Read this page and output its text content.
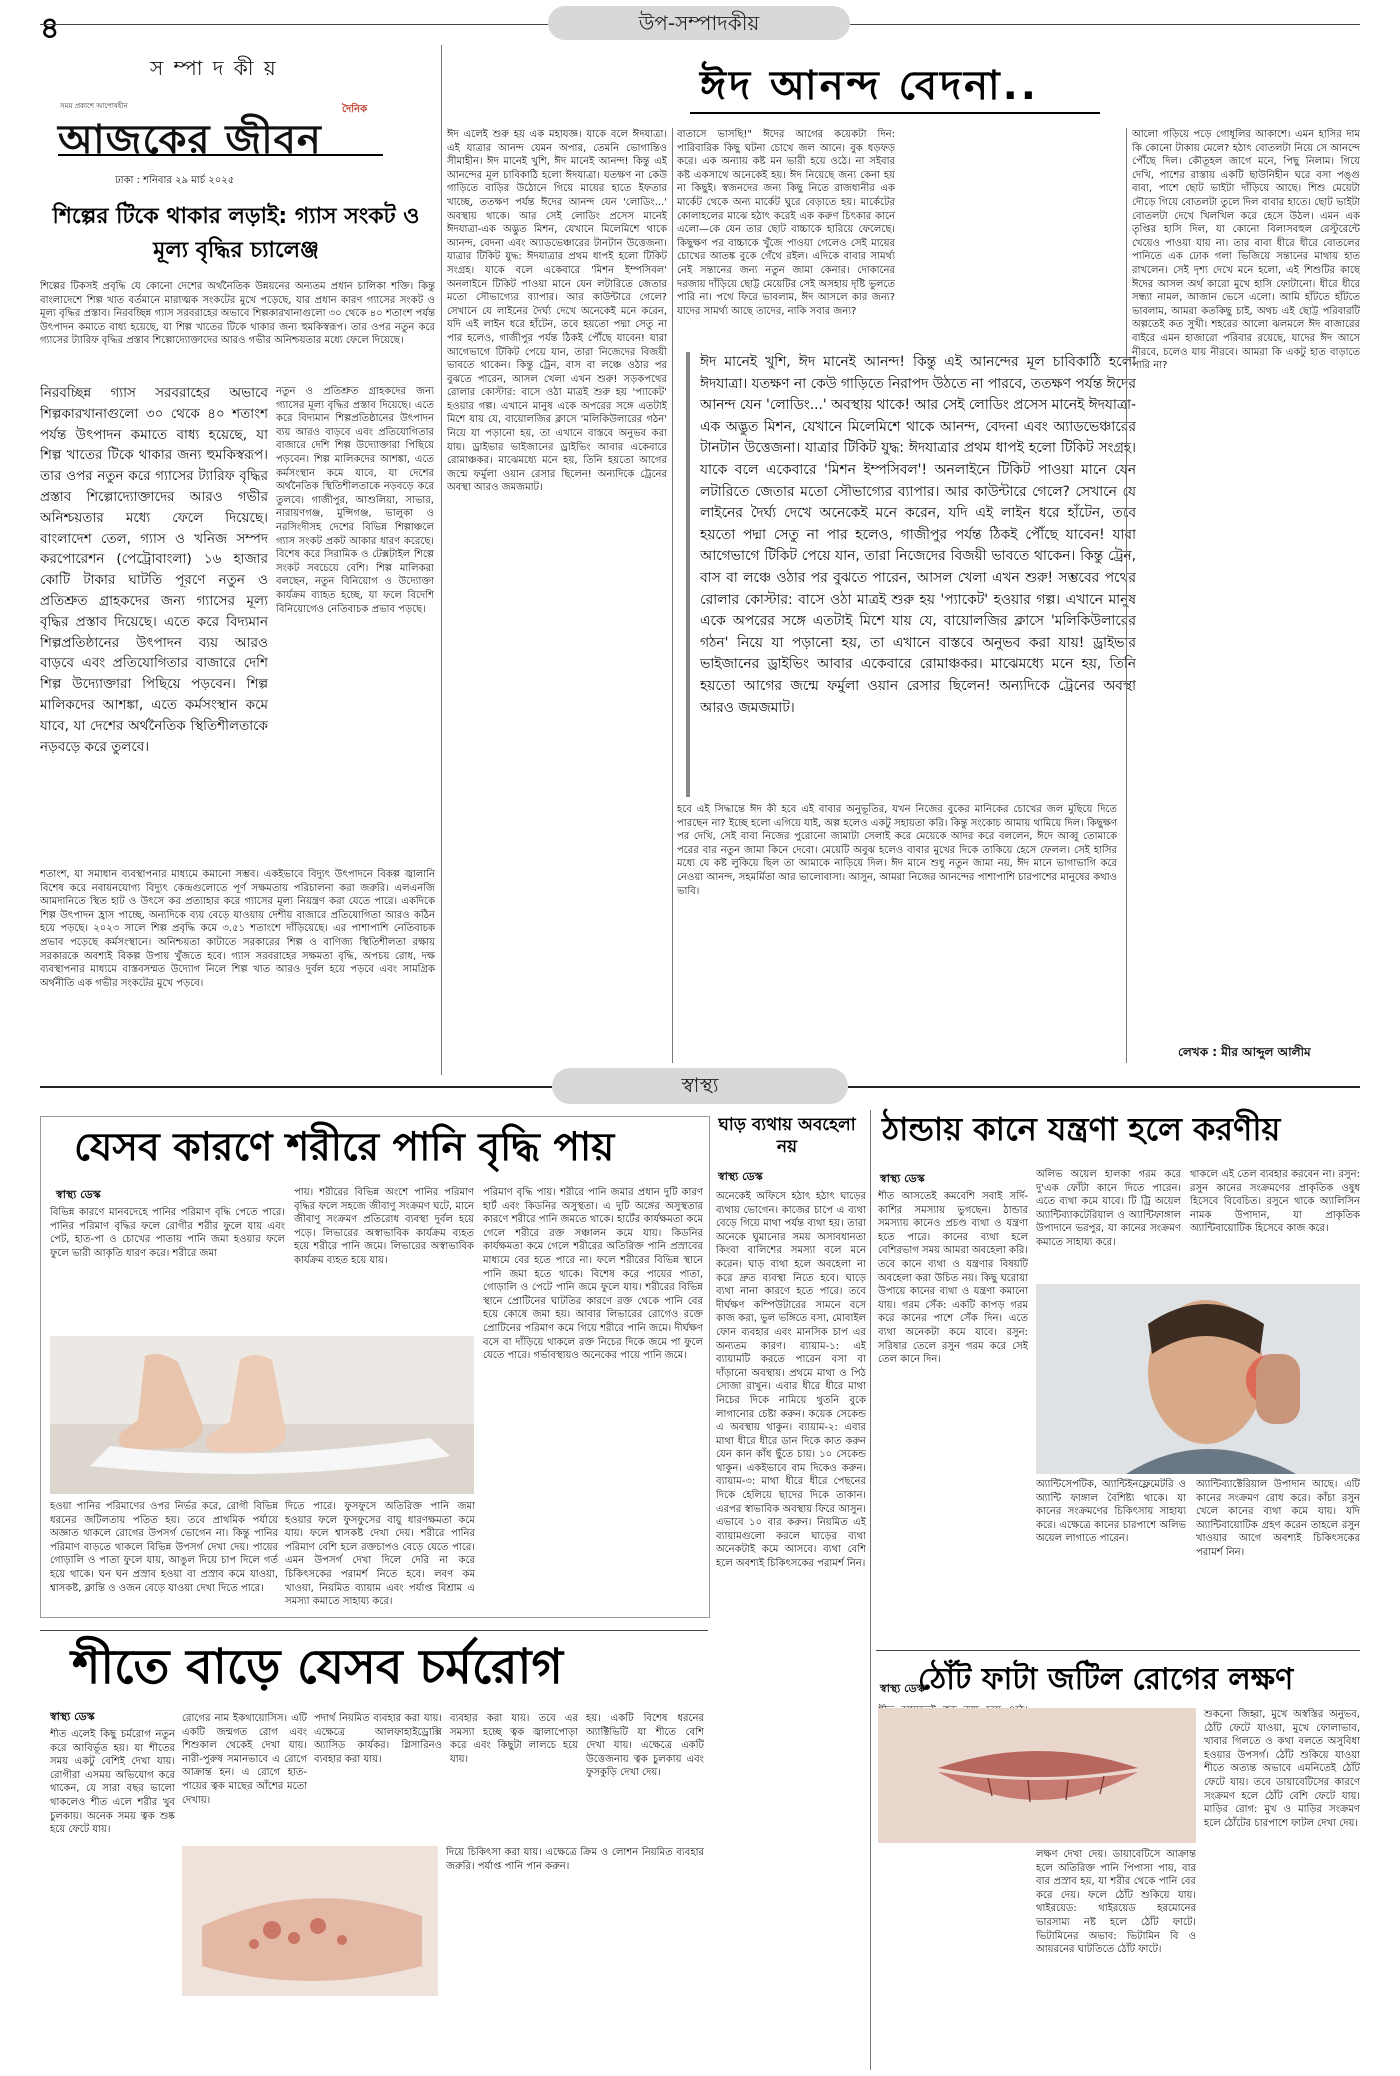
৪	উপ-সম্পাদকীয়
স ম্পা দ কী য়
সময় প্রকাশে আপোষহীন	দৈনিক
আজকের জীবন
ঢাকা : শনিবার ২৯ মার্চ ২০২৫
শিল্পের টিকে থাকার লড়াই: গ্যাস সংকট ও মূল্য বৃদ্ধির চ্যালেঞ্জ
শিল্পের টিকসই প্রবৃদ্ধি যে কোনো দেশের অর্থনৈতিক উন্নয়নের অন্যতম প্রধান চালিকা শক্তি। কিন্তু বাংলাদেশে শিল্প খাত বর্তমানে মারাত্মক সংকটের মুখে পড়েছে, যার প্রধান কারণ গ্যাসের সংকট ও মূল্য বৃদ্ধির প্রস্তাব। নিরবচ্ছিন্ন গ্যাস সরবরাহের অভাবে শিল্পকারখানাগুলো ৩০ থেকে ৪০ শতাংশ পর্যন্ত উৎপাদন কমাতে বাধ্য হয়েছে, যা শিল্প খাতের টিকে থাকার জন্য হুমকিস্বরূপ। তার ওপর নতুন করে গ্যাসের ট্যারিফ বৃদ্ধির প্রস্তাব শিল্পোদ্যোক্তাদের আরও গভীর অনিশ্চয়তার মধ্যে ফেলে দিয়েছে।
নিরবচ্ছিন্ন গ্যাস সরবরাহের অভাবে শিল্পকারখানাগুলো ৩০ থেকে ৪০ শতাংশ পর্যন্ত উৎপাদন কমাতে বাধ্য হয়েছে, যা শিল্প খাতের টিকে থাকার জন্য হুমকিস্বরূপ। তার ওপর নতুন করে গ্যাসের ট্যারিফ বৃদ্ধির প্রস্তাব শিল্পোদ্যোক্তাদের আরও গভীর অনিশ্চয়তার মধ্যে ফেলে দিয়েছে। বাংলাদেশ তেল, গ্যাস ও খনিজ সম্পদ করপোরেশন (পেট্রোবাংলা) ১৬ হাজার কোটি টাকার ঘাটতি পূরণে নতুন ও প্রতিশ্রুত গ্রাহকদের জন্য গ্যাসের মূল্য বৃদ্ধির প্রস্তাব দিয়েছে। এতে করে বিদ্যমান শিল্পপ্রতিষ্ঠানের উৎপাদন ব্যয় আরও বাড়বে এবং প্রতিযোগিতার বাজারে দেশি শিল্প উদ্যোক্তারা পিছিয়ে পড়বেন। শিল্প মালিকদের আশঙ্কা, এতে কর্মসংস্থান কমে যাবে, যা দেশের অর্থনৈতিক স্থিতিশীলতাকে নড়বড়ে করে তুলবে।
নতুন ও প্রতিশ্রুত গ্রাহকদের জন্য গ্যাসের মূল্য বৃদ্ধির প্রস্তাব দিয়েছে। এতে করে বিদ্যমান শিল্পপ্রতিষ্ঠানের উৎপাদন ব্যয় আরও বাড়বে এবং প্রতিযোগিতার বাজারে দেশি শিল্প উদ্যোক্তারা পিছিয়ে পড়বেন। শিল্প মালিকদের আশঙ্কা, এতে কর্মসংস্থান কমে যাবে, যা দেশের অর্থনৈতিক স্থিতিশীলতাকে নড়বড়ে করে তুলবে। গাজীপুর, আশুলিয়া, সাভার, নারায়ণগঞ্জ, মুন্সিগঞ্জ, ভালুকা ও নরসিংদীসহ দেশের বিভিন্ন শিল্পাঞ্চলে গ্যাস সংকট প্রকট আকার ধারণ করেছে। বিশেষ করে সিরামিক ও টেক্সটাইল শিল্পে সংকট সবচেয়ে বেশি। শিল্প মালিকরা বলছেন, নতুন বিনিয়োগ ও উদ্যোক্তা কার্যক্রম ব্যাহত হচ্ছে, যা ফলে বিদেশি বিনিয়োগেও নেতিবাচক প্রভাব পড়ছে।
শতাংশ, যা সমাধান ব্যবস্থাপনার মাধ্যমে কমানো সম্ভব। একইভাবে বিদ্যুৎ উৎপাদনে বিকল্প জ্বালানি বিশেষ করে নবায়নযোগ্য বিদ্যুৎ কেন্দ্রগুলোতে পূর্ণ সক্ষমতায় পরিচালনা করা জরুরি। এলএনজি আমদানিতে স্থিত হাট ও উৎসে কর প্রত্যাহার করে গ্যাসের মূল্য নিয়ন্ত্রণ করা যেতে পারে। একদিকে শিল্প উৎপাদন হ্রাস পাচ্ছে, অন্যদিকে ব্যয় বেড়ে যাওয়ায় দেশীয় বাজারে প্রতিযোগিতা আরও কঠিন হয়ে পড়ছে। ২০২৩ সালে শিল্প প্রবৃদ্ধি কমে ৩.৫১ শতাংশে দাঁড়িয়েছে। এর পাশাপাশি নেতিবাচক প্রভাব পড়েছে কর্মসংস্থানে। অনিশ্চয়তা কাটাতে সরকারের শিল্প ও বাণিজ্য স্থিতিশীলতা রক্ষায় সরকারকে অবশ্যই বিকল্প উপায় খুঁজতে হবে। গ্যাস সরবরাহের সক্ষমতা বৃদ্ধি, অপচয় রোধ, দক্ষ ব্যবস্থাপনার মাধ্যমে বাস্তবসম্মত উদ্যোগ নিলে শিল্প খাত আরও দুর্বল হয়ে পড়বে এবং সামগ্রিক অর্থনীতি এক গভীর সংকটের মুখে পড়বে।
ঈদ আনন্দ বেদনা..
ঈদ এলেই শুরু হয় এক মহাযজ্ঞ। যাকে বলে ঈদযাত্রা। এই যাত্রার আনন্দ যেমন অপার, তেমনি ভোগান্তিও সীমাহীন। ঈদ মানেই খুশি, ঈদ মানেই আনন্দ! কিন্তু এই আনন্দের মূল চাবিকাঠি হলো ঈদযাত্রা। যতক্ষণ না কেউ গাড়িতে বাড়ির উঠোনে গিয়ে মায়ের হাতে ইফতার খাচ্ছে, ততক্ষণ পর্যন্ত ঈদের আনন্দ যেন 'লোডিং...' অবস্থায় থাকে। আর সেই লোডিং প্রসেস মানেই ঈদযাত্রা-এক অদ্ভুত মিশন, যেখানে মিলেমিশে থাকে আনন্দ, বেদনা এবং অ্যাডভেঞ্চারের টানটান উত্তেজনা। যাত্রার টিকিট যুদ্ধ: ঈদযাত্রার প্রথম ধাপই হলো টিকিট সংগ্রহ। যাকে বলে একেবারে 'মিশন ইম্পসিবল' অনলাইনে টিকিট পাওয়া মানে যেন লটারিতে জেতার মতো সৌভাগ্যের ব্যাপার। আর কাউন্টারে গেলে? সেখানে যে লাইনের দৈর্ঘ্য দেখে অনেকেই মনে করেন, যদি এই লাইন ধরে হাঁটেন, তবে হয়তো পদ্মা সেতু না পার হলেও, গাজীপুর পর্যন্ত ঠিকই পৌঁছে যাবেন! যারা আগেভাগে টিকিট পেয়ে যান, তারা নিজেদের বিজয়ী ভাবতে থাকেন। কিন্তু ট্রেন, বাস বা লঞ্চে ওঠার পর বুঝতে পারেন, আসল খেলা এখন শুরু! সড়কপথের রোলার কোস্টার: বাসে ওঠা মাত্রই শুরু হয় 'প্যাকেট' হওয়ার গল্প। এখানে মানুষ একে অপরের সঙ্গে এতটাই মিশে যায় যে, বায়োলজির ক্লাসে 'মলিকিউলারের গঠন' নিয়ে যা পড়ানো হয়, তা এখানে বাস্তবে অনুভব করা যায়। ড্রাইভার ভাইজানের ড্রাইভিং আবার একেবারে রোমাঞ্চকর। মাঝেমধ্যে মনে হয়, তিনি হয়তো আগের জন্মে ফর্মুলা ওয়ান রেসার ছিলেন! অন্যদিকে ট্রেনের অবস্থা আরও জমজমাট।
বাতাসে ভাসছি!" ঈদের আগের কয়েকটা দিন: পারিবারিক কিছু ঘটনা চোখে জল আনে। বুক ধড়ফড় করে। এক অন্যায় কষ্ট মন ভারী হয়ে ওঠে। না সইবার কষ্ট একসাথে অনেকেই হয়। ঈদ নিয়েছে জন্য কেনা হয় না কিছুই। স্বজনদের জন্য কিছু নিতে রাজধানীর এক মার্কেট থেকে অন্য মার্কেট ঘুরে বেড়াতে হয়। মার্কেটের কোলাহলের মাঝে হঠাৎ করেই এক করুণ চিৎকার কানে এলো—কে যেন তার ছোট বাচ্চাকে হারিয়ে ফেলেছে। কিছুক্ষণ পর বাচ্চাকে খুঁজে পাওয়া গেলেও সেই মায়ের চোখের আতঙ্ক বুকে গেঁথে রইল। এদিকে বাবার সামর্থ্য নেই সন্তানের জন্য নতুন জামা কেনার। দোকানের দরজায় দাঁড়িয়ে ছোট্ট মেয়েটির সেই অসহায় দৃষ্টি ভুলতে পারি না। পথে ফিরে ভাবলাম, ঈদ আসলে কার জন্য? যাদের সামর্থ্য আছে তাদের, নাকি সবার জন্য?
ঈদ মানেই খুশি, ঈদ মানেই আনন্দ! কিন্তু এই আনন্দের মূল চাবিকাঠি হলো ঈদযাত্রা। যতক্ষণ না কেউ গাড়িতে নিরাপদ উঠতে না পারবে, ততক্ষণ পর্যন্ত ঈদের আনন্দ যেন 'লোডিং...' অবস্থায় থাকে! আর সেই লোডিং প্রসেস মানেই ঈদযাত্রা-এক অদ্ভুত মিশন, যেখানে মিলেমিশে থাকে আনন্দ, বেদনা এবং অ্যাডভেঞ্চারের টানটান উত্তেজনা। যাত্রার টিকিট যুদ্ধ: ঈদযাত্রার প্রথম ধাপই হলো টিকিট সংগ্রহ। যাকে বলে একেবারে 'মিশন ইম্পসিবল'! অনলাইনে টিকিট পাওয়া মানে যেন লটারিতে জেতার মতো সৌভাগ্যের ব্যাপার। আর কাউন্টারে গেলে? সেখানে যে লাইনের দৈর্ঘ্য দেখে অনেকেই মনে করেন, যদি এই লাইন ধরে হাঁটেন, তবে হয়তো পদ্মা সেতু না পার হলেও, গাজীপুর পর্যন্ত ঠিকই পৌঁছে যাবেন! যারা আগেভাগে টিকিট পেয়ে যান, তারা নিজেদের বিজয়ী ভাবতে থাকেন। কিন্তু ট্রেন, বাস বা লঞ্চে ওঠার পর বুঝতে পারেন, আসল খেলা এখন শুরু! সম্ভবের পথের রোলার কোস্টার: বাসে ওঠা মাত্রই শুরু হয় 'প্যাকেট' হওয়ার গল্প। এখানে মানুষ একে অপরের সঙ্গে এতটাই মিশে যায় যে, বায়োলজির ক্লাসে 'মলিকিউলারের গঠন' নিয়ে যা পড়ানো হয়, তা এখানে বাস্তবে অনুভব করা যায়! ড্রাইভার ভাইজানের ড্রাইভিং আবার একেবারে রোমাঞ্চকর। মাঝেমধ্যে মনে হয়, তিনি হয়তো আগের জন্মে ফর্মুলা ওয়ান রেসার ছিলেন! অন্যদিকে ট্রেনের অবস্থা আরও জমজমাট।
হবে এই সিদ্ধান্তে ঈদ কী হবে এই বাবার অনুভূতির, যখন নিজের বুকের মানিকের চোখের জল মুছিয়ে দিতে পারছেন না? ইচ্ছে হলো এগিয়ে যাই, অল্প হলেও একটু সহায়তা করি। কিন্তু সংকোচ আমায় থামিয়ে দিল। কিছুক্ষণ পর দেখি, সেই বাবা নিজের পুরোনো জামাটা সেলাই করে মেয়েকে আদর করে বললেন, ঈদে আব্বু তোমাকে পরের বার নতুন জামা কিনে দেবো। মেয়েটি অবুঝ হলেও বাবার মুখের দিকে তাকিয়ে হেসে ফেলল। সেই হাসির মধ্যে যে কষ্ট লুকিয়ে ছিল তা আমাকে নাড়িয়ে দিল। ঈদ মানে শুধু নতুন জামা নয়, ঈদ মানে ভাগাভাগি করে নেওয়া আনন্দ, সহমর্মিতা আর ভালোবাসা। আসুন, আমরা নিজের আনন্দের পাশাপাশি চারপাশের মানুষের কথাও ভাবি।
আলো গড়িয়ে পড়ে গোধূলির আকাশে। এমন হাসির দাম কি কোনো টাকায় মেলে? হঠাৎ বোতলটা নিয়ে সে আনন্দে পৌঁছে দিল। কৌতূহল জাগে মনে, পিছু নিলাম। গিয়ে দেখি, পাশের রাস্তায় একটি ছাউনিহীন ঘরে বসা পঙ্গু বাবা, পাশে ছোট ভাইটা দাঁড়িয়ে আছে। শিশু মেয়েটা দৌড়ে গিয়ে বোতলটা তুলে দিল বাবার হাতে। ছোট ভাইটা বোতলটা দেখে খিলখিল করে হেসে উঠল। এমন এক তৃপ্তির হাসি দিল, যা কোনো বিলাসবহুল রেস্টুরেন্টে খেয়েও পাওয়া যায় না। তার বাবা ধীরে ধীরে বোতলের পানিতে এক ঢোক গলা ভিজিয়ে সন্তানের মাথায় হাত রাখলেন। সেই দৃশ্য দেখে মনে হলো, এই শিশুটির কাছে ঈদের আসল অর্থ কারো মুখে হাসি ফোটানো। ধীরে ধীরে সন্ধ্যা নামল, আজান ভেসে এলো। আমি হাঁটতে হাঁটতে ভাবলাম, আমরা কতকিছু চাই, অথচ এই ছোট্ট পরিবারটি অল্পতেই কত সুখী। শহরের আলো ঝলমলে ঈদ বাজারের বাইরে এমন হাজারো পরিবার রয়েছে, যাদের ঈদ আসে নীরবে, চলেও যায় নীরবে। আমরা কি একটু হাত বাড়াতে পারি না?
লেখক : মীর আব্দুল আলীম
স্বাস্থ্য
যেসব কারণে শরীরে পানি বৃদ্ধি পায়
স্বাস্থ্য ডেস্ক
বিভিন্ন কারণে মানবদেহে পানির পরিমাণ বৃদ্ধি পেতে পারে। পানির পরিমাণ বৃদ্ধির ফলে রোগীর শরীর ফুলে যায় এবং পেট, হাত-পা ও চোখের পাতায় পানি জমা হওয়ার ফলে ফুলে ভারী আকৃতি ধারণ করে। শরীরে জমা
পায়। শরীরের বিভিন্ন অংশে পানির পরিমাণ বৃদ্ধির ফলে সহজে জীবাণু সংক্রমণ ঘটে, মানে জীবাণু সংক্রমণ প্রতিরোধ ব্যবস্থা দুর্বল হয়ে পড়ে। লিভারের অস্বাভাবিক কার্যক্রম ব্যহত হয়ে শরীরে পানি জমে। লিভারের অস্বাভাবিক কার্যক্রম ব্যহত হয়ে যায়।
পরিমাণ বৃদ্ধি পায়। শরীরে পানি জমার প্রধান দুটি কারণ হার্ট এবং কিডনির অসুস্থতা। এ দুটি অঙ্গের অসুস্থতার কারণে শরীরে পানি জমতে থাকে। হার্টের কার্যক্ষমতা কমে গেলে শরীরে রক্ত সঞ্চালন কমে যায়। কিডনির কার্যক্ষমতা কমে গেলে শরীরের অতিরিক্ত পানি প্রস্রাবের মাধ্যমে বের হতে পারে না। ফলে শরীরের বিভিন্ন স্থানে পানি জমা হতে থাকে। বিশেষ করে পায়ের পাতা, গোড়ালি ও পেটে পানি জমে ফুলে যায়। শরীরের বিভিন্ন স্থানে প্রোটিনের ঘাটতির কারণে রক্ত থেকে পানি বের হয়ে কোষে জমা হয়। আবার লিভারের রোগেও রক্তে প্রোটিনের পরিমাণ কমে গিয়ে শরীরে পানি জমে। দীর্ঘক্ষণ বসে বা দাঁড়িয়ে থাকলে রক্ত নিচের দিকে জমে পা ফুলে যেতে পারে। গর্ভাবস্থায়ও অনেকের পায়ে পানি জমে।
হওয়া পানির পরিমাণের ওপর নির্ভর করে, রোগী বিভিন্ন ধরনের জটিলতায় পতিত হয়। তবে প্রাথমিক পর্যায়ে অজ্ঞাত থাকলে রোগের উপসর্গ ভোগেন না। কিন্তু পানির পরিমাণ বাড়তে থাকলে বিভিন্ন উপসর্গ দেখা দেয়। পায়ের গোড়ালি ও পাতা ফুলে যায়, আঙুল দিয়ে চাপ দিলে গর্ত হয়ে থাকে। ঘন ঘন প্রস্রাব হওয়া বা প্রস্রাব কমে যাওয়া, শ্বাসকষ্ট, ক্লান্তি ও ওজন বেড়ে যাওয়া দেখা দিতে পারে।
দিতে পারে। ফুসফুসে অতিরিক্ত পানি জমা হওয়ার ফলে ফুসফুসের বায়ু ধারণক্ষমতা কমে যায়। ফলে শ্বাসকষ্ট দেখা দেয়। শরীরে পানির পরিমাণ বেশি হলে রক্তচাপও বেড়ে যেতে পারে। এমন উপসর্গ দেখা দিলে দেরি না করে চিকিৎসকের পরামর্শ নিতে হবে। লবণ কম খাওয়া, নিয়মিত ব্যায়াম এবং পর্যাপ্ত বিশ্রাম এ সমস্যা কমাতে সাহায্য করে।
ঘাড় ব্যথায় অবহেলা নয়
স্বাস্থ্য ডেস্ক
অনেকেই অফিসে হঠাৎ হঠাৎ ঘাড়ের ব্যথায় ভোগেন। কাজের চাপে এ ব্যথা বেড়ে গিয়ে মাথা পর্যন্ত ব্যথা হয়। তারা অনেকে ঘুমানোর সময় অসাবধানতা কিংবা বালিশের সমস্যা বলে মনে করেন। ঘাড় ব্যথা হলে অবহেলা না করে দ্রুত ব্যবস্থা নিতে হবে। ঘাড়ে ব্যথা নানা কারণে হতে পারে। তবে দীর্ঘক্ষণ কম্পিউটারের সামনে বসে কাজ করা, ভুল ভঙ্গিতে বসা, মোবাইল ফোন ব্যবহার এবং মানসিক চাপ এর অন্যতম কারণ। ব্যায়াম-১: এই ব্যায়ামটি করতে পারেন বসা বা দাঁড়ানো অবস্থায়। প্রথমে মাথা ও পিঠ সোজা রাখুন। এবার ধীরে ধীরে মাথা নিচের দিকে নামিয়ে থুতনি বুকে লাগানোর চেষ্টা করুন। কয়েক সেকেন্ড এ অবস্থায় থাকুন। ব্যায়াম-২: এবার মাথা ধীরে ধীরে ডান দিকে কাত করুন যেন কান কাঁধ ছুঁতে চায়। ১০ সেকেন্ড থাকুন। একইভাবে বাম দিকেও করুন। ব্যায়াম-৩: মাথা ধীরে ধীরে পেছনের দিকে হেলিয়ে ছাদের দিকে তাকান। এরপর স্বাভাবিক অবস্থায় ফিরে আসুন। এভাবে ১০ বার করুন। নিয়মিত এই ব্যায়ামগুলো করলে ঘাড়ের ব্যথা অনেকটাই কমে আসবে। ব্যথা বেশি হলে অবশ্যই চিকিৎসকের পরামর্শ নিন।
ঠান্ডায় কানে যন্ত্রণা হলে করণীয়
স্বাস্থ্য ডেস্ক
শীত আসতেই কমবেশি সবাই সর্দি-কাশির সমস্যায় ভুগছেন। ঠান্ডার সমস্যায় কানেও প্রচণ্ড ব্যথা ও যন্ত্রণা হতে পারে। কানের ব্যথা হলে বেশিরভাগ সময় আমরা অবহেলা করি। তবে কানে ব্যথা ও যন্ত্রণার বিষয়টি অবহেলা করা উচিত নয়। কিছু ঘরোয়া উপায়ে কানের ব্যথা ও যন্ত্রণা কমানো যায়। গরম সেঁক: একটি কাপড় গরম করে কানের পাশে সেঁক দিন। এতে ব্যথা অনেকটা কমে যাবে। রসুন: সরিষার তেলে রসুন গরম করে সেই তেল কানে দিন।
অলিভ অয়েল হালকা গরম করে দু'এক ফোঁটা কানে দিতে পারেন। এতে ব্যথা কমে যাবে। টি ট্রি অয়েল অ্যান্টিব্যাকটেরিয়াল ও অ্যান্টিফাঙ্গাল উপাদানে ভরপুর, যা কানের সংক্রমণ কমাতে সাহায্য করে।
থাকলে এই তেল ব্যবহার করবেন না। রসুন: রসুন কানের সংক্রমণের প্রাকৃতিক ওষুধ হিসেবে বিবেচিত। রসুনে থাকে অ্যালিসিন নামক উপাদান, যা প্রাকৃতিক অ্যান্টিবায়োটিক হিসেবে কাজ করে।
অ্যান্টিসেপটিক, অ্যান্টিইনফ্লেমেটরি ও অ্যান্টি ফাঙ্গাল বৈশিষ্ট্য থাকে। যা কানের সংক্রমণের চিকিৎসায় সাহায্য করে। এক্ষেত্রে কানের চারপাশে অলিভ অয়েল লাগাতে পারেন।
অ্যান্টিব্যাক্টেরিয়াল উপাদান আছে। এটি কানের সংক্রমণ রোধ করে। কাঁচা রসুন খেলে কানের ব্যথা কমে যায়। যদি অ্যান্টিবায়োটিক গ্রহণ করেন তাহলে রসুন খাওয়ার আগে অবশ্যই চিকিৎসকের পরামর্শ নিন।
ঠোঁট ফাটা জটিল রোগের লক্ষণ
স্বাস্থ্য ডেস্ক
লক্ষণ দেখা দেয়। ডায়াবেটিসে আক্রান্ত হলে অতিরিক্ত পানি পিপাসা পায়, বার বার প্রস্রাব হয়, যা শরীর থেকে পানি বের করে দেয়। ফলে ঠোঁট শুকিয়ে যায়। থাইরয়েড: থাইরয়েড হরমোনের ভারসাম্য নষ্ট হলে ঠোঁট ফাটে। ভিটামিনের অভাব: ভিটামিন বি ও আয়রনের ঘাটতিতে ঠোঁট ফাটে।
শুকনো জিহ্বা, মুখে অস্বস্তির অনুভব, ঠোঁট ফেটে যাওয়া, মুখে ফোলাভাব, খাবার গিলতে ও কথা বলতে অসুবিধা হওয়ার উপসর্গ। ঠোঁট শুকিয়ে যাওয়া শীতে অত্যন্ত অভাবে এমনিতেই ঠোঁট ফেটে যায়। তবে ডায়াবেটিসের কারণে সংক্রমণ হলে ঠোঁট বেশি ফেটে যায়। মাড়ির রোগ: মুখ ও মাড়ির সংক্রমণ হলে ঠোঁটের চারপাশে ফাটল দেখা দেয়।
শীতে বাড়ে যেসব চর্মরোগ
স্বাস্থ্য ডেস্ক
শীত এলেই কিছু চর্মরোগ নতুন করে আবির্ভূত হয়। যা শীতের সময় একটু বেশিই দেখা যায়। রোগীরা এসময় অভিযোগ করে থাকেন, যে সারা বছর ভালো থাকলেও শীত এলে শরীর খুব চুলকায়। অনেক সময় ত্বক শুষ্ক হয়ে ফেটে যায়।
রোগের নাম ইকথায়োসিস। এটি একটি জন্মগত রোগ এবং শিশুকাল থেকেই দেখা যায়। নারী-পুরুষ সমানভাবে এ রোগে আক্রান্ত হন। এ রোগে হাত-পায়ের ত্বক মাছের আঁশের মতো দেখায়।
পদার্থ নিয়মিত ব্যবহার করা যায়। এক্ষেত্রে আলফাহাইড্রোক্সি অ্যাসিড কার্যকর। গ্লিসারিনও ব্যবহার করা যায়।
ব্যবহার করা যায়। তবে এর সমস্যা হচ্ছে ত্বক জ্বালাপোড়া করে এবং কিছুটা লালচে হয়ে যায়।
হয়। একটি বিশেষ ধরনের অ্যাক্টিভিটি যা শীতে বেশি দেখা যায়। এক্ষেত্রে একটি উত্তেজনায় ত্বক চুলকায় এবং ফুসকুড়ি দেখা দেয়।
দিয়ে চিকিৎসা করা যায়। এক্ষেত্রে ক্রিম ও লোশন নিয়মিত ব্যবহার জরুরি। পর্যাপ্ত পানি পান করুন।
